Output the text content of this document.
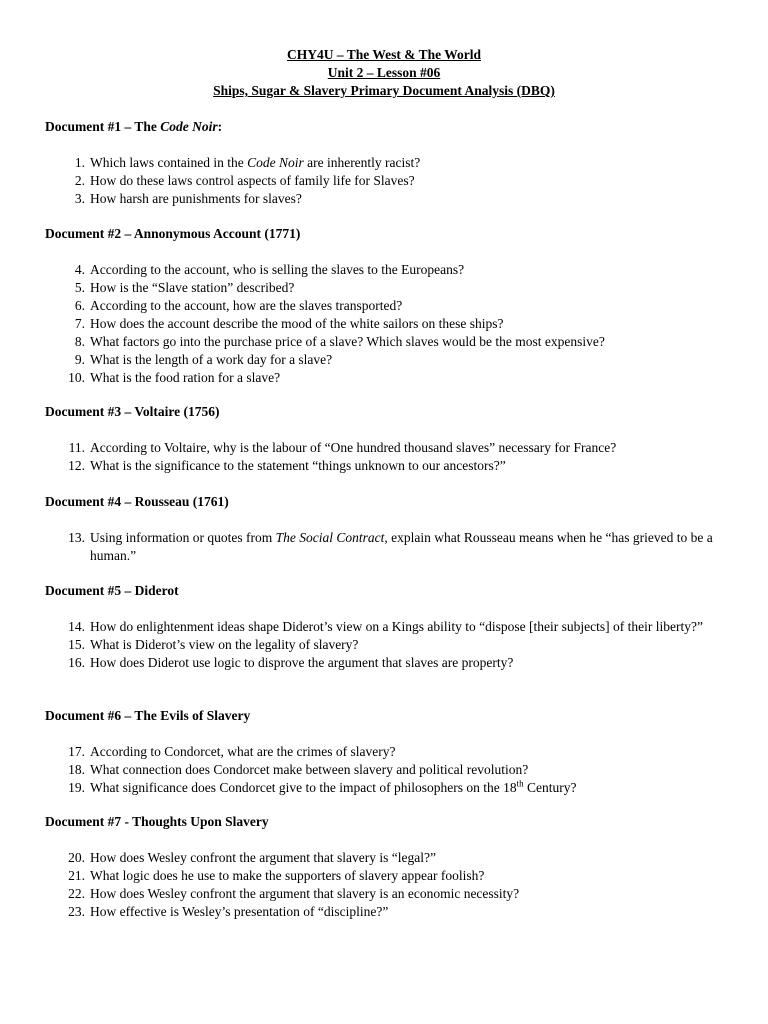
CHY4U – The West & The World
Unit 2 – Lesson #06
Ships, Sugar & Slavery Primary Document Analysis (DBQ)
Document #1 – The Code Noir:
1. Which laws contained in the Code Noir are inherently racist?
2. How do these laws control aspects of family life for Slaves?
3. How harsh are punishments for slaves?
Document #2 – Annonymous Account (1771)
4. According to the account, who is selling the slaves to the Europeans?
5. How is the “Slave station” described?
6. According to the account, how are the slaves transported?
7. How does the account describe the mood of the white sailors on these ships?
8. What factors go into the purchase price of a slave? Which slaves would be the most expensive?
9. What is the length of a work day for a slave?
10. What is the food ration for a slave?
Document #3 – Voltaire (1756)
11. According to Voltaire, why is the labour of “One hundred thousand slaves” necessary for France?
12. What is the significance to the statement “things unknown to our ancestors?”
Document #4 – Rousseau (1761)
13. Using information or quotes from The Social Contract, explain what Rousseau means when he “has grieved to be a human.”
Document #5 – Diderot
14. How do enlightenment ideas shape Diderot’s view on a Kings ability to “dispose [their subjects] of their liberty?”
15. What is Diderot’s view on the legality of slavery?
16. How does Diderot use logic to disprove the argument that slaves are property?
Document #6 – The Evils of Slavery
17. According to Condorcet, what are the crimes of slavery?
18. What connection does Condorcet make between slavery and political revolution?
19. What significance does Condorcet give to the impact of philosophers on the 18th Century?
Document #7 - Thoughts Upon Slavery
20. How does Wesley confront the argument that slavery is “legal?”
21. What logic does he use to make the supporters of slavery appear foolish?
22. How does Wesley confront the argument that slavery is an economic necessity?
23. How effective is Wesley’s presentation of “discipline?”
